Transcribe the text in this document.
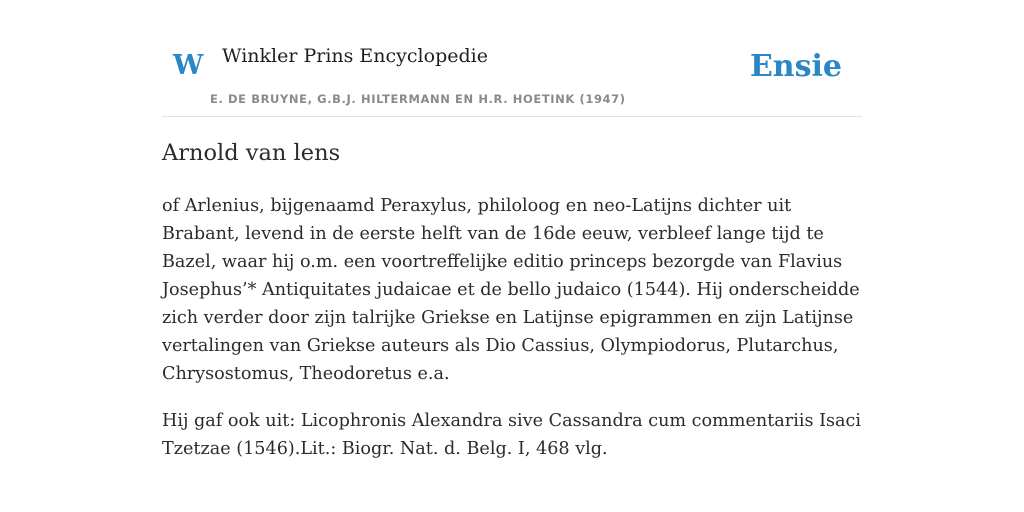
W Winkler Prins Encyclopedie
E. DE BRUYNE, G.B.J. HILTERMANN EN H.R. HOETINK (1947)
Ensie
Arnold van lens

of Arlenius, bijgenaamd Peraxylus, philoloog en neo-Latijns dichter uit Brabant, levend in de eerste helft van de 16de eeuw, verbleef lange tijd te Bazel, waar hij o.m. een voortreffelijke editio princeps bezorgde van Flavius Josephus’* Antiquitates judaicae et de bello judaico (1544). Hij onderscheidde zich verder door zijn talrijke Griekse en Latijnse epigrammen en zijn Latijnse vertalingen van Griekse auteurs als Dio Cassius, Olympiodorus, Plutarchus, Chrysostomus, Theodoretus e.a.

Hij gaf ook uit: Licophronis Alexandra sive Cassandra cum commentariis Isaci Tzetzae (1546).Lit.: Biogr. Nat. d. Belg. I, 468 vlg.
